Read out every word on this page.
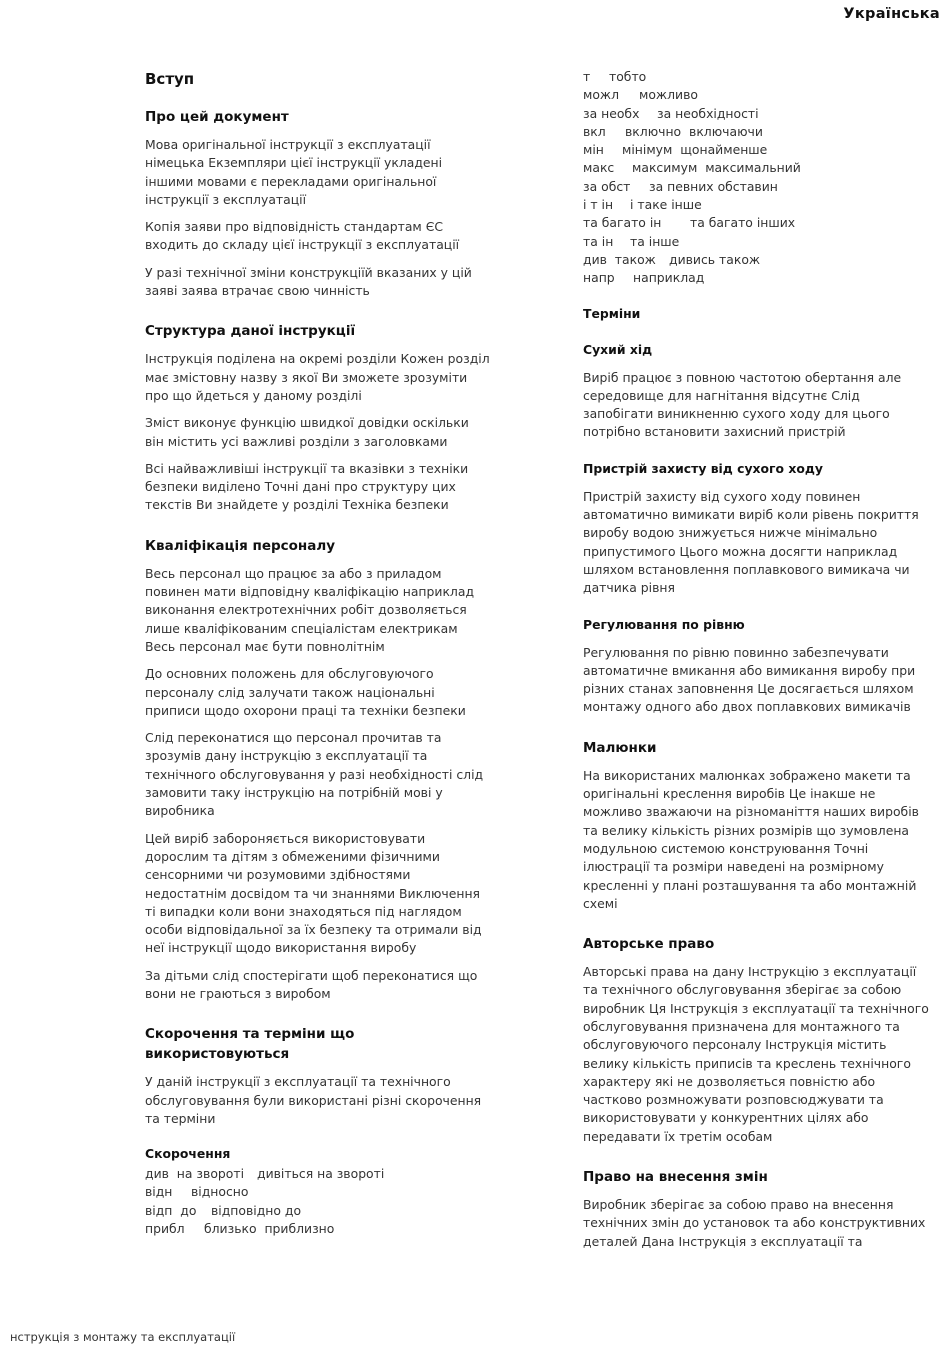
Українська
Вступ
Про цей документ

Мова оригінальної інструкції з експлуатації німецька Екземпляри цієї інструкції укладені іншими мовами є перекладами оригінальної інструкції з експлуатації

Копія заяви про відповідність стандартам ЄС входить до складу цієї інструкції з експлуатації

У разі технічної зміни конструкціїй вказаних у цій заяві заява втрачає свою чинність

Структура даної інструкції

Інструкція поділена на окремі розділи Кожен розділ має змістовну назву з якої Ви зможете зрозуміти про що йдеться у даному розділі

Зміст виконує функцію швидкої довідки оскільки він містить усі важливі розділи з заголовками

Всі найважливіші інструкції та вказівки з техніки безпеки виділено Точні дані про структуру цих текстів Ви знайдете у розділі Техніка безпеки

Кваліфікація персоналу

Весь персонал що працює за або з приладом повинен мати відповідну кваліфікацію наприклад виконання електротехнічних робіт дозволяється лише кваліфікованим спеціалістам електрикам Весь персонал має бути повнолітнім

До основних положень для обслуговуючого персоналу слід залучати також національні приписи щодо охорони праці та техніки безпеки

Слід переконатися що персонал прочитав та зрозумів дану інструкцію з експлуатації та технічного обслуговування у разі необхідності слід замовити таку інструкцію на потрібній мові у виробника

Цей виріб забороняється використовувати дорослим та дітям з обмеженими фізичними сенсорними чи розумовими здібностями недостатнім досвідом та чи знаннями Виключення ті випадки коли вони знаходяться під наглядом особи відповідальної за їх безпеку та отримали від неї інструкції щодо використання виробу

За дітьми слід спостерігати щоб переконатися що вони не граються з виробом

Скорочення та терміни що використовуються

У даній інструкції з експлуатації та технічного обслуговування були використані різні скорочення та терміни

Скорочення
див  на звороті дивіться на звороті
відн відносно
відп  до відповідно до
прибл близько  приблизно
т тобто
можл можливо
за необх за необхідності
вкл включно  включаючи
мін мінімум  щонайменше
макс максимум  максимальний
за обст за певних обставин
і т ін і таке інше
та багато ін та багато інших
та ін та інше
див  також дивись також
напр наприклад
Терміни
Сухий хід

Виріб працює з повною частотою обертання але середовище для нагнітання відсутнє Слід запобігати виникненню сухого ходу для цього потрібно встановити захисний пристрій

Пристрій захисту від сухого ходу

Пристрій захисту від сухого ходу повинен автоматично вимикати виріб коли рівень покриття виробу водою знижується нижче мінімально припустимого Цього можна досягти наприклад шляхом встановлення поплавкового вимикача чи датчика рівня

Регулювання по рівню

Регулювання по рівню повинно забезпечувати автоматичне вмикання або вимикання виробу при різних станах заповнення Це досягається шляхом монтажу одного або двох поплавкових вимикачів

Малюнки

На використаних малюнках зображено макети та оригінальні креслення виробів Це інакше не можливо зважаючи на різноманіття наших виробів та велику кількість різних розмірів що зумовлена модульною системою конструювання Точні ілюстрації та розміри наведені на розмірному кресленні у плані розташування та або монтажній схемі

Авторське право

Авторські права на дану Інструкцію з експлуатації та технічного обслуговування зберігає за собою виробник Ця Інструкція з експлуатації та технічного обслуговування призначена для монтажного та обслуговуючого персоналу Інструкція містить велику кількість приписів та креслень технічного характеру які не дозволяється повністю або частково розмножувати розповсюджувати та використовувати у конкурентних цілях або передавати їх третім особам

Право на внесення змін

Виробник зберігає за собою право на внесення технічних змін до установок та або конструктивних деталей Дана Інструкція з експлуатації та

нструкція з монтажу та експлуатації
